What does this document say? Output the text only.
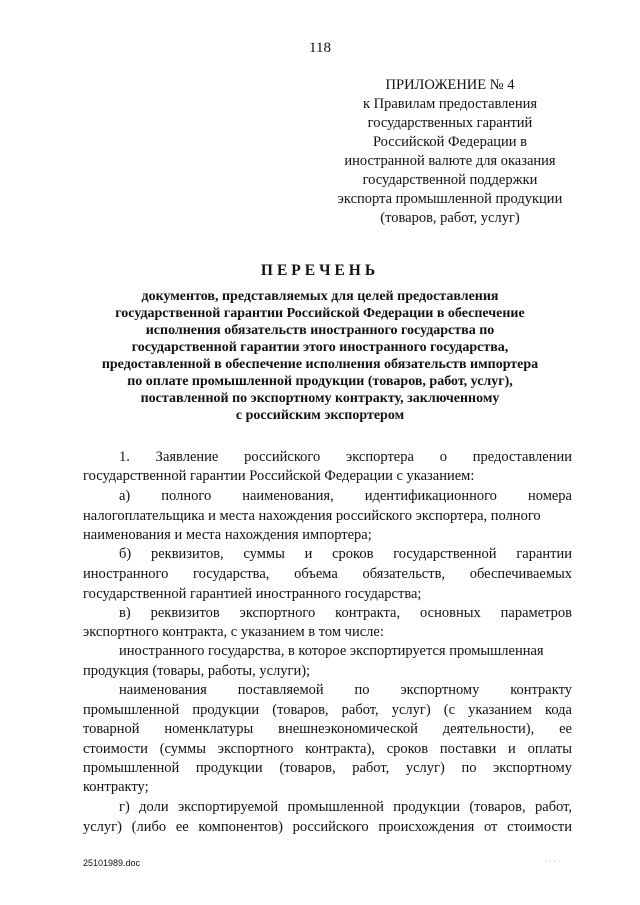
118
ПРИЛОЖЕНИЕ № 4
к Правилам предоставления
государственных гарантий
Российской Федерации в
иностранной валюте для оказания
государственной поддержки
экспорта промышленной продукции
(товаров, работ, услуг)
ПЕРЕЧЕНЬ
документов, представляемых для целей предоставления
государственной гарантии Российской Федерации в обеспечение
исполнения обязательств иностранного государства по
государственной гарантии этого иностранного государства,
предоставленной в обеспечение исполнения обязательств импортера
по оплате промышленной продукции (товаров, работ, услуг),
поставленной по экспортному контракту, заключенному
с российским экспортером
1. Заявление российского экспортера о предоставлении
государственной гарантии Российской Федерации с указанием:
а) полного наименования, идентификационного номера
налогоплательщика и места нахождения российского экспортера, полного
наименования и места нахождения импортера;
б) реквизитов, суммы и сроков государственной гарантии
иностранного государства, объема обязательств, обеспечиваемых
государственной гарантией иностранного государства;
в) реквизитов экспортного контракта, основных параметров
экспортного контракта, с указанием в том числе:
иностранного государства, в которое экспортируется промышленная
продукция (товары, работы, услуги);
наименования поставляемой по экспортному контракту
промышленной продукции (товаров, работ, услуг) (с указанием кода
товарной номенклатуры внешнеэкономической деятельности), ее
стоимости (суммы экспортного контракта), сроков поставки и оплаты
промышленной продукции (товаров, работ, услуг) по экспортному
контракту;
г) доли экспортируемой промышленной продукции (товаров, работ,
услуг) (либо ее компонентов) российского происхождения от стоимости
25101989.doc	· · · ·
